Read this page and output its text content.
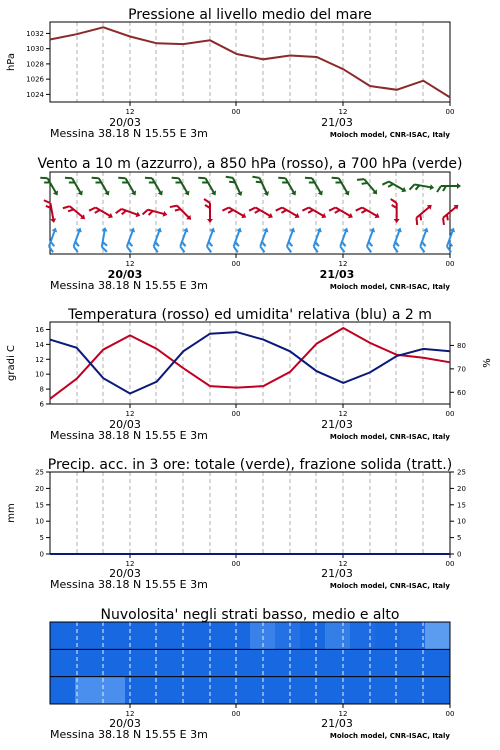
Pressione al livello medio del mare
12	00	12	00
20/03	21/03
Messina 38.18 N 15.55 E 3m	Moloch model, CNR-ISAC, Italy
1024
1026
1028
1030
1032
hPa
Vento a 10 m (azzurro), a 850 hPa (rosso), a 700 hPa (verde)
12	00	12	00
20/03	21/03
Messina 38.18 N 15.55 E 3m	Moloch model, CNR-ISAC, Italy
Temperatura (rosso) ed umidita' relativa (blu) a 2 m
12	00	12	00
20/03	21/03
Messina 38.18 N 15.55 E 3m	Moloch model, CNR-ISAC, Italy
6
8
10
12
14
16
gradi C
60
70
80
%
Precip. acc. in 3 ore: totale (verde), frazione solida (tratt.)
12	00	12	00
20/03	21/03
Messina 38.18 N 15.55 E 3m	Moloch model, CNR-ISAC, Italy
0
5
10
15
20
25
mm
0
5
10
15
20
25
Nuvolosita' negli strati basso, medio e alto
12	00	12	00
20/03	21/03
Messina 38.18 N 15.55 E 3m	Moloch model, CNR-ISAC, Italy
